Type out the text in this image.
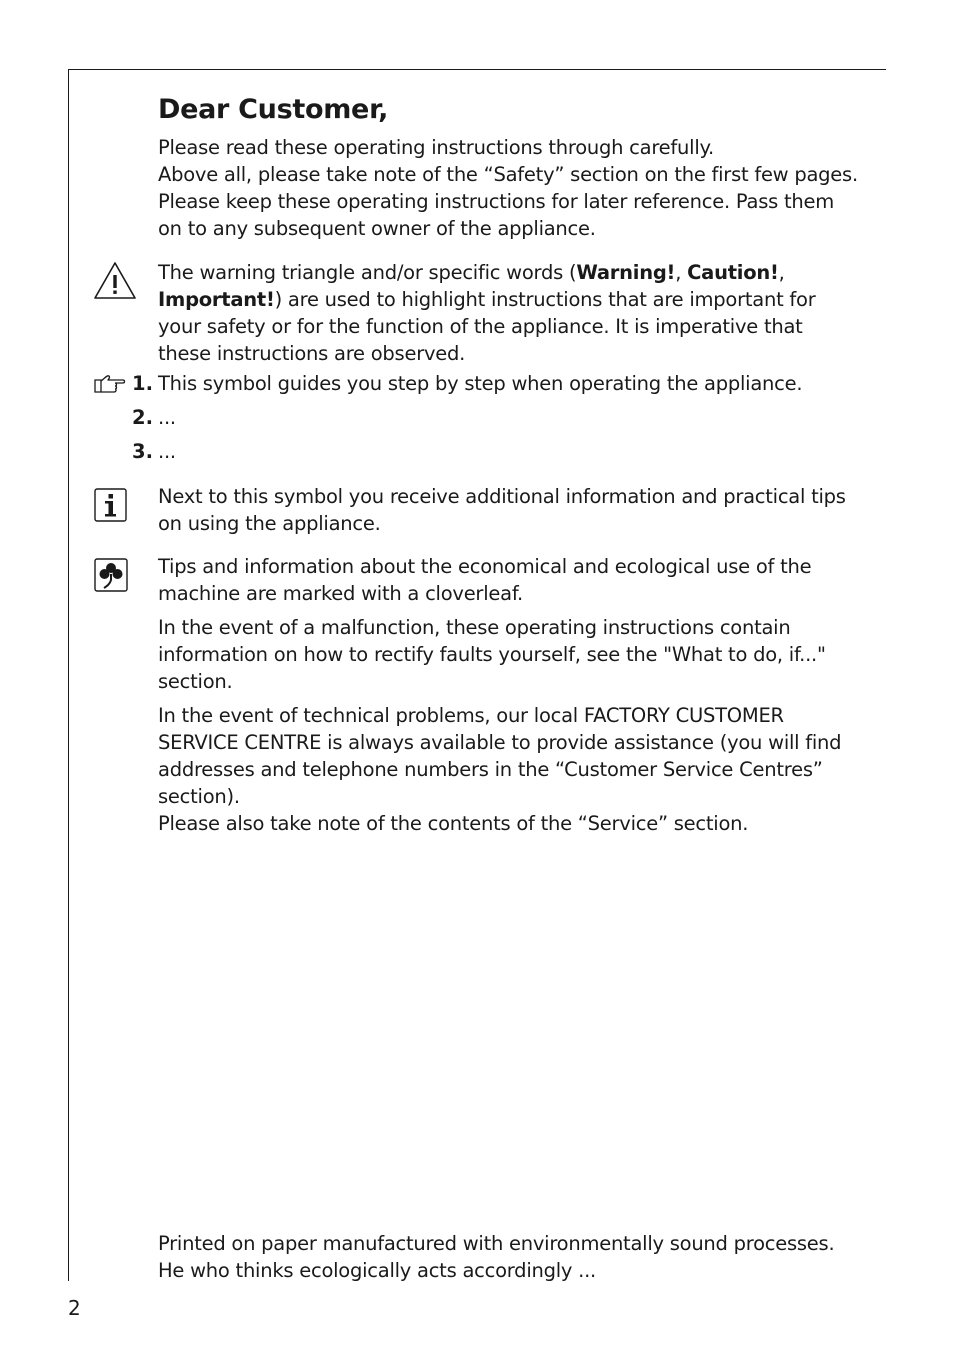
Dear Customer,

Please read these operating instructions through carefully.

Above all, please take note of the “Safety” section on the first few pages. Please keep these operating instructions for later reference. Pass them on to any subsequent owner of the appliance.

The warning triangle and/or specific words (Warning!, Caution!, Important!) are used to highlight instructions that are important for your safety or for the function of the appliance. It is imperative that these instructions are observed.

1. This symbol guides you step by step when operating the appliance.
2. ...
3. ...

Next to this symbol you receive additional information and practical tips on using the appliance.

Tips and information about the economical and ecological use of the machine are marked with a cloverleaf.

In the event of a malfunction, these operating instructions contain information on how to rectify faults yourself, see the "What to do, if..." section.

In the event of technical problems, our local FACTORY CUSTOMER SERVICE CENTRE is always available to provide assistance (you will find addresses and telephone numbers in the “Customer Service Centres” section).

Please also take note of the contents of the “Service” section.

Printed on paper manufactured with environmentally sound processes.

He who thinks ecologically acts accordingly ...

2
